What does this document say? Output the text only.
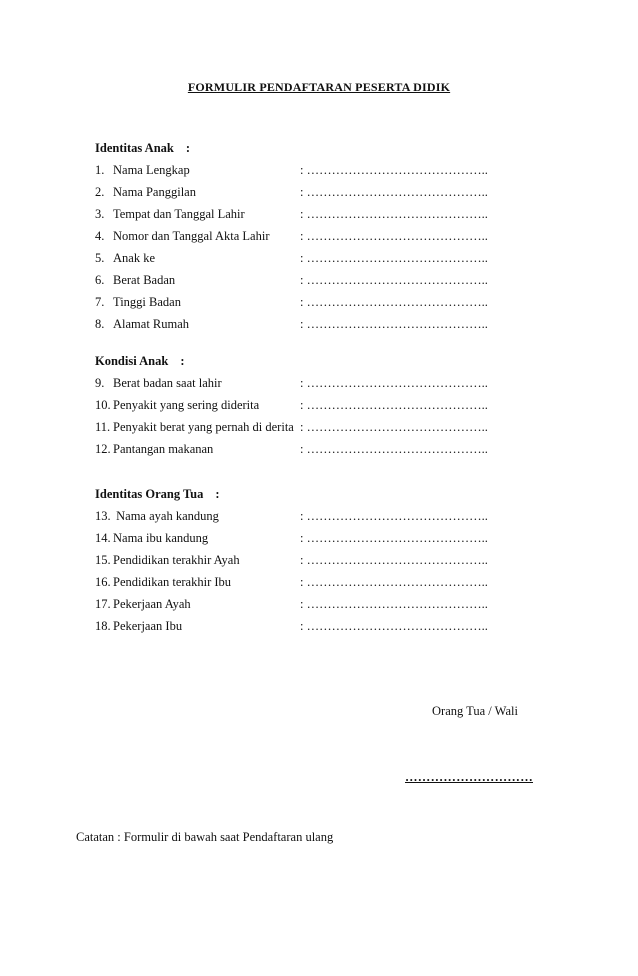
FORMULIR PENDAFTARAN PESERTA DIDIK
Identitas Anak :
1. Nama Lengkap	: ……………………………………..
2. Nama Panggilan	: ……………………………………..
3. Tempat dan Tanggal Lahir	: ……………………………………..
4. Nomor dan Tanggal Akta Lahir : ……………………………………..
5. Anak ke	: ……………………………………..
6. Berat Badan	: ……………………………………..
7. Tinggi Badan	: ……………………………………..
8. Alamat Rumah	: ……………………………………..
Kondisi Anak :
9. Berat badan saat lahir	: ……………………………………..
10. Penyakit yang sering diderita	: ……………………………………..
11. Penyakit berat yang pernah di derita : ……………………………………..
12. Pantangan makanan	: ……………………………………..
Identitas Orang Tua :
13. Nama ayah kandung	: ……………………………………..
14. Nama ibu kandung	: ……………………………………..
15. Pendidikan terakhir Ayah	: ……………………………………..
16. Pendidikan terakhir Ibu	: ……………………………………..
17. Pekerjaan Ayah	: ……………………………………..
18. Pekerjaan Ibu	: ……………………………………..
Orang Tua / Wali
…………………………
Catatan : Formulir di bawah saat Pendaftaran ulang
